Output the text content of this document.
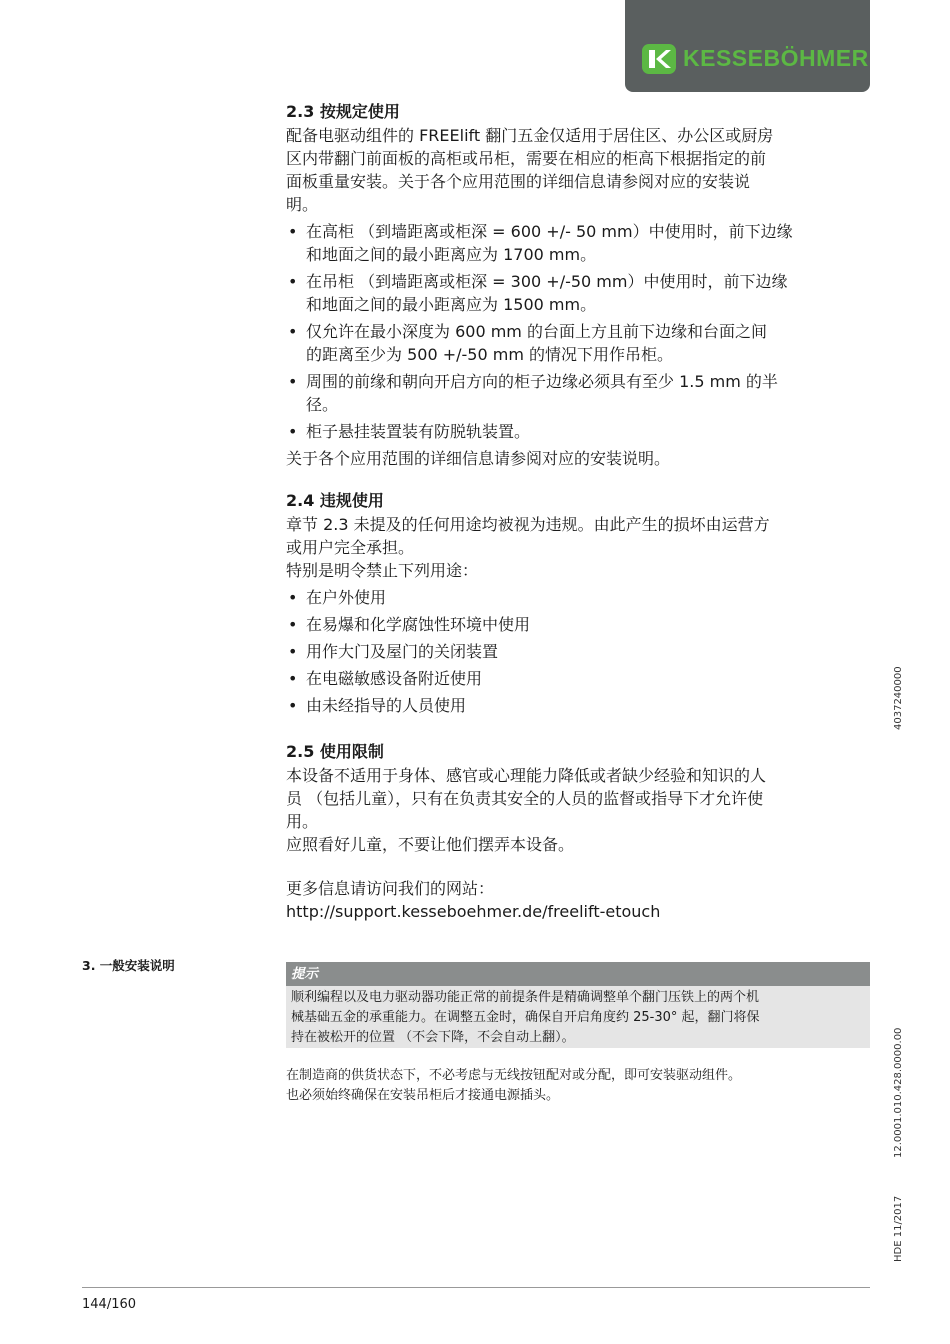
KESSEBÖHMER

2.3 按规定使用

配备电驱动组件的 FREElift 翻门五金仅适用于居住区、办公区或厨房

区内带翻门前面板的高柜或吊柜，需要在相应的柜高下根据指定的前

面板重量安装。关于各个应用范围的详细信息请参阅对应的安装说

明。

• 在高柜 （到墙距离或柜深 = 600 +/- 50 mm）中使用时，前下边缘
和地面之间的最小距离应为 1700 mm。
• 在吊柜 （到墙距离或柜深 = 300 +/-50 mm）中使用时，前下边缘
和地面之间的最小距离应为 1500 mm。
• 仅允许在最小深度为 600 mm 的台面上方且前下边缘和台面之间
的距离至少为 500 +/-50 mm 的情况下用作吊柜。
• 周围的前缘和朝向开启方向的柜子边缘必须具有至少 1.5 mm 的半
径。
• 柜子悬挂装置装有防脱轨装置。

关于各个应用范围的详细信息请参阅对应的安装说明。

2.4 违规使用

章节 2.3 未提及的任何用途均被视为违规。由此产生的损坏由运营方

或用户完全承担。

特别是明令禁止下列用途：

• 在户外使用
• 在易爆和化学腐蚀性环境中使用
• 用作大门及屋门的关闭装置
• 在电磁敏感设备附近使用
• 由未经指导的人员使用

2.5 使用限制

本设备不适用于身体、感官或心理能力降低或者缺少经验和知识的人

员 （包括儿童），只有在负责其安全的人员的监督或指导下才允许使

用。

应照看好儿童，不要让他们摆弄本设备。

更多信息请访问我们的网站：

http://support.kesseboehmer.de/freelift-etouch

3. 一般安装说明
提示
顺利编程以及电力驱动器功能正常的前提条件是精确调整单个翻门压铁上的两个机
械基础五金的承重能力。在调整五金时，确保自开启角度约 25-30° 起，翻门将保
持在被松开的位置 （不会下降，不会自动上翻）。
在制造商的供货状态下，不必考虑与无线按钮配对或分配，即可安装驱动组件。
也必须始终确保在安装吊柜后才接通电源插头。
4037240000
12.0001.010.428.0000.00
HDE 11/2017
144/160
